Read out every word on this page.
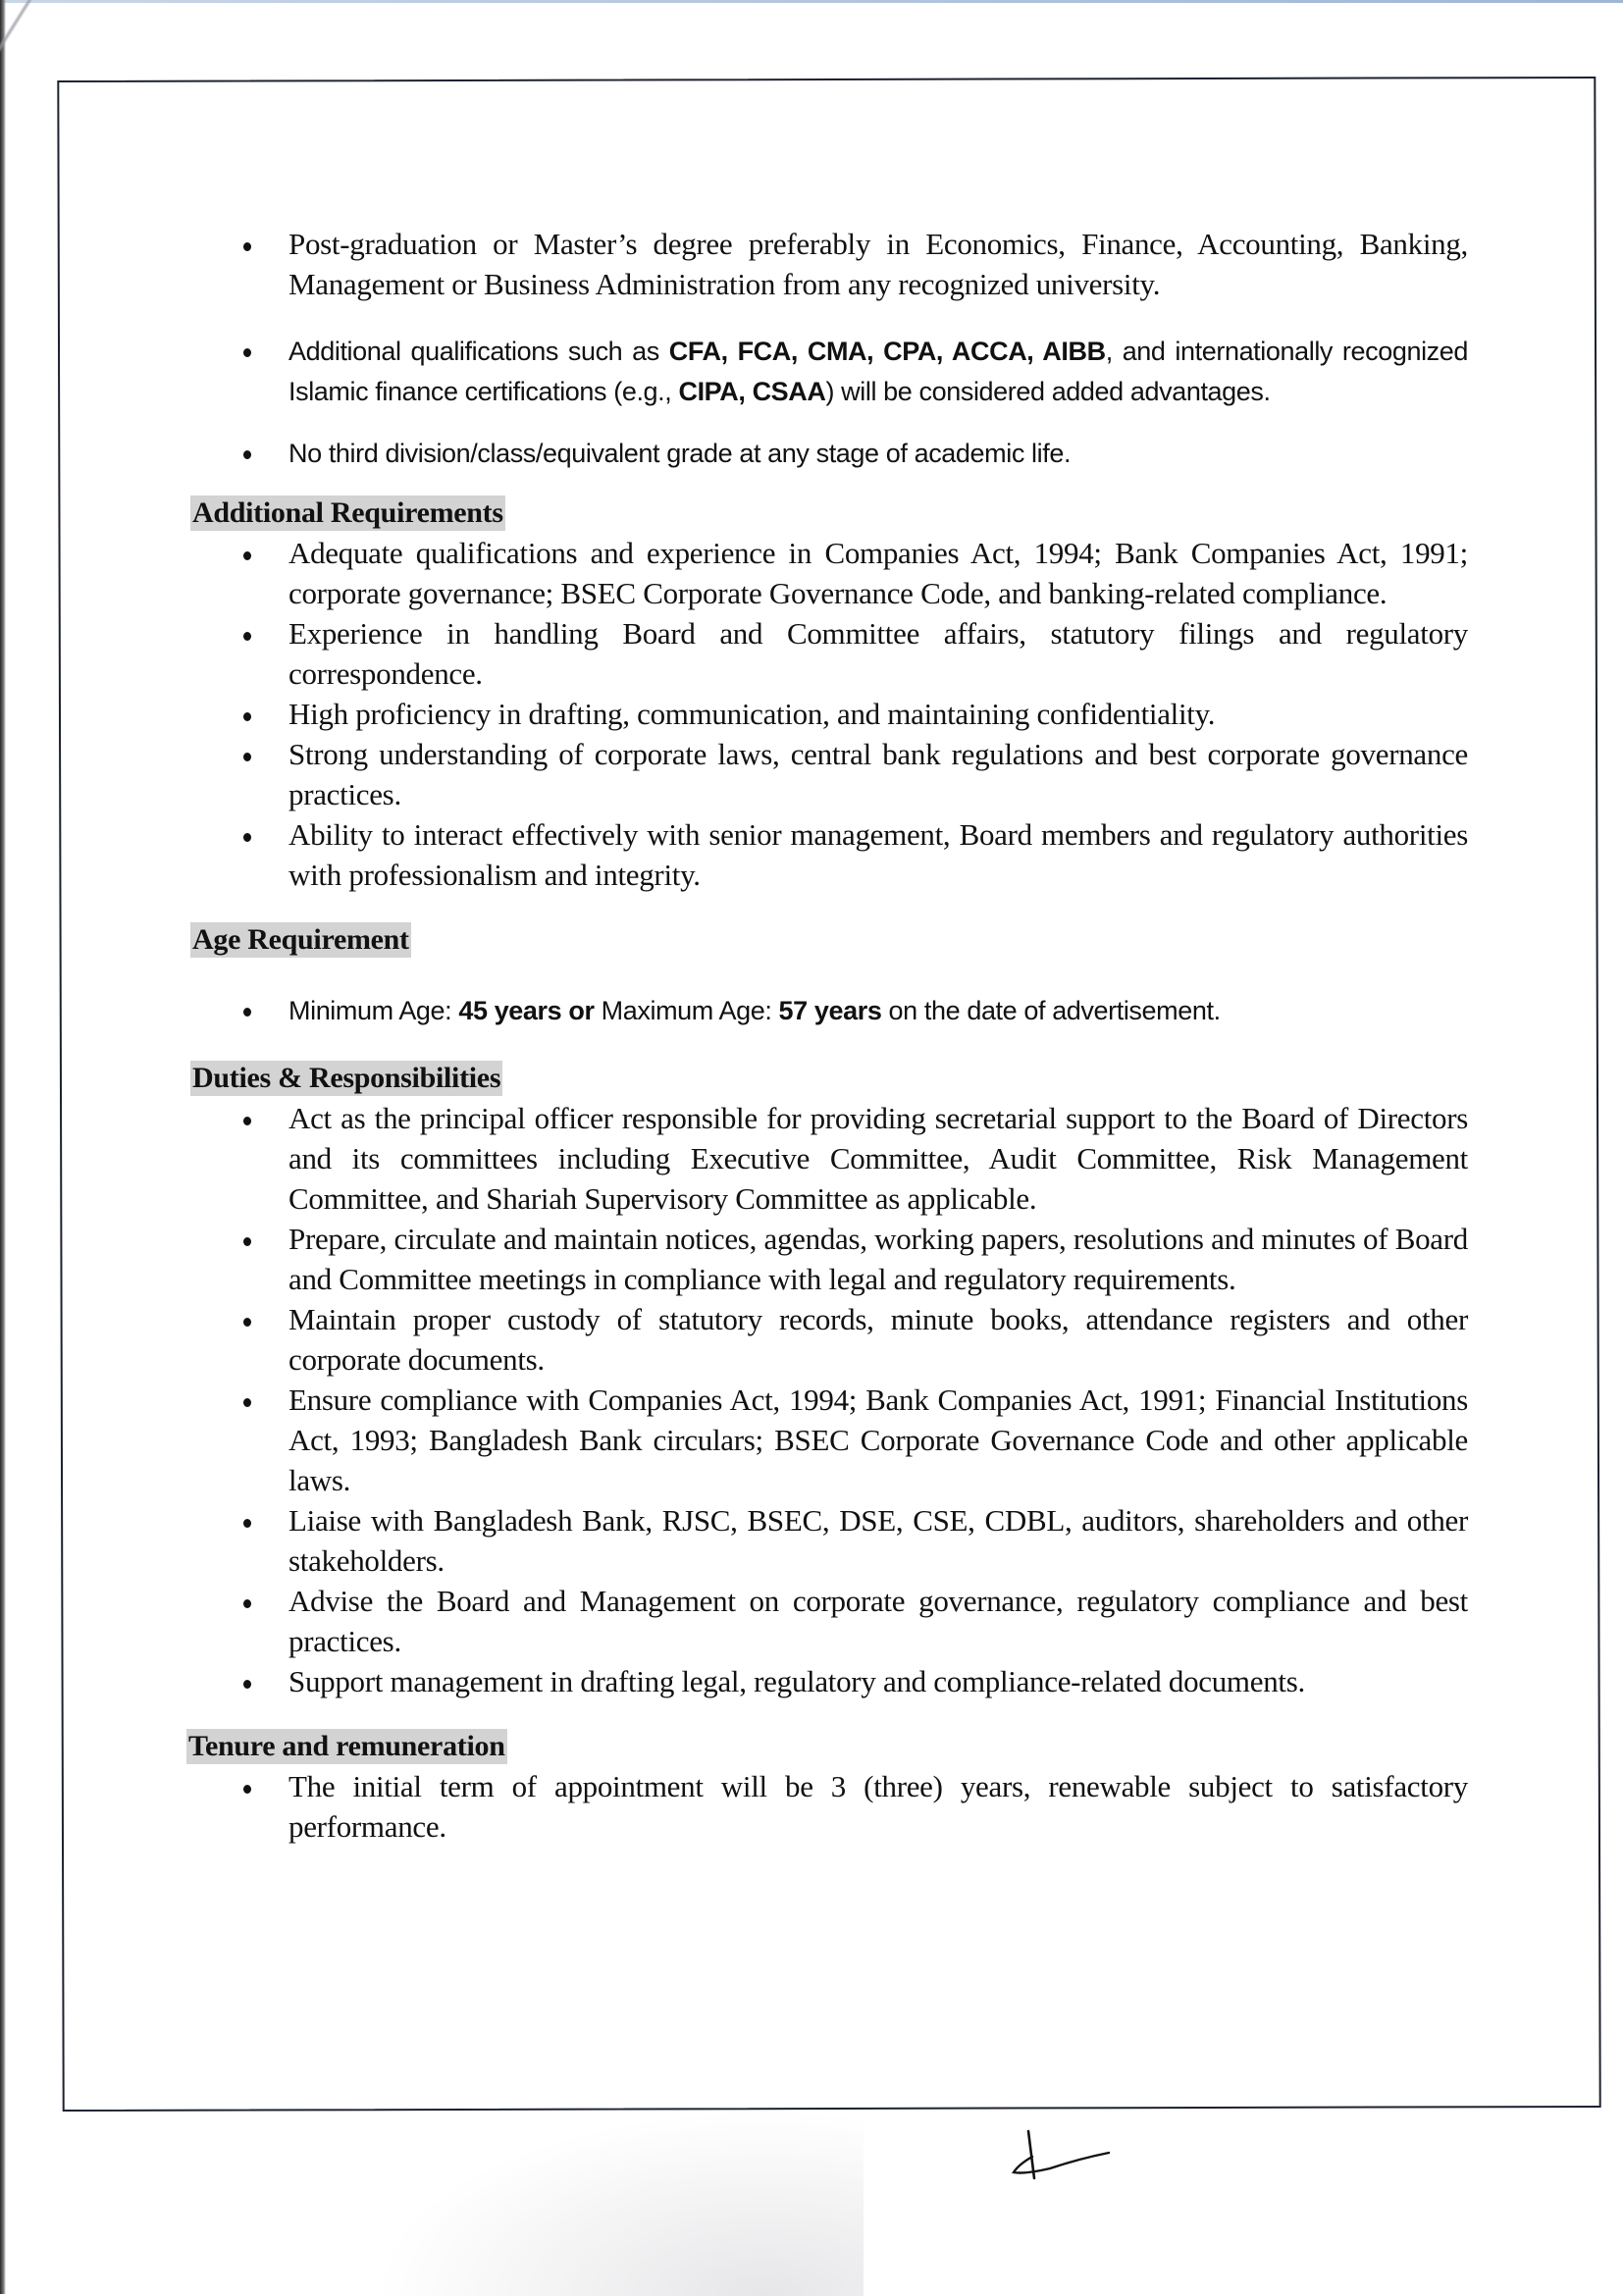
Post-graduation or Master’s degree preferably in Economics, Finance, Accounting, Banking, Management or Business Administration from any recognized university.
Additional qualifications such as CFA, FCA, CMA, CPA, ACCA, AIBB, and internationally recognized Islamic finance certifications (e.g., CIPA, CSAA) will be considered added advantages.
No third division/class/equivalent grade at any stage of academic life.
Additional Requirements
Adequate qualifications and experience in Companies Act, 1994; Bank Companies Act, 1991; corporate governance; BSEC Corporate Governance Code, and banking-related compliance.
Experience in handling Board and Committee affairs, statutory filings and regulatory correspondence.
High proficiency in drafting, communication, and maintaining confidentiality.
Strong understanding of corporate laws, central bank regulations and best corporate governance practices.
Ability to interact effectively with senior management, Board members and regulatory authorities with professionalism and integrity.
Age Requirement
Minimum Age: 45 years or Maximum Age: 57 years on the date of advertisement.
Duties & Responsibilities
Act as the principal officer responsible for providing secretarial support to the Board of Directors and its committees including Executive Committee, Audit Committee, Risk Management Committee, and Shariah Supervisory Committee as applicable.
Prepare, circulate and maintain notices, agendas, working papers, resolutions and minutes of Board and Committee meetings in compliance with legal and regulatory requirements.
Maintain proper custody of statutory records, minute books, attendance registers and other corporate documents.
Ensure compliance with Companies Act, 1994; Bank Companies Act, 1991; Financial Institutions Act, 1993; Bangladesh Bank circulars; BSEC Corporate Governance Code and other applicable laws.
Liaise with Bangladesh Bank, RJSC, BSEC, DSE, CSE, CDBL, auditors, shareholders and other stakeholders.
Advise the Board and Management on corporate governance, regulatory compliance and best practices.
Support management in drafting legal, regulatory and compliance-related documents.
Tenure and remuneration
The initial term of appointment will be 3 (three) years, renewable subject to satisfactory performance.
